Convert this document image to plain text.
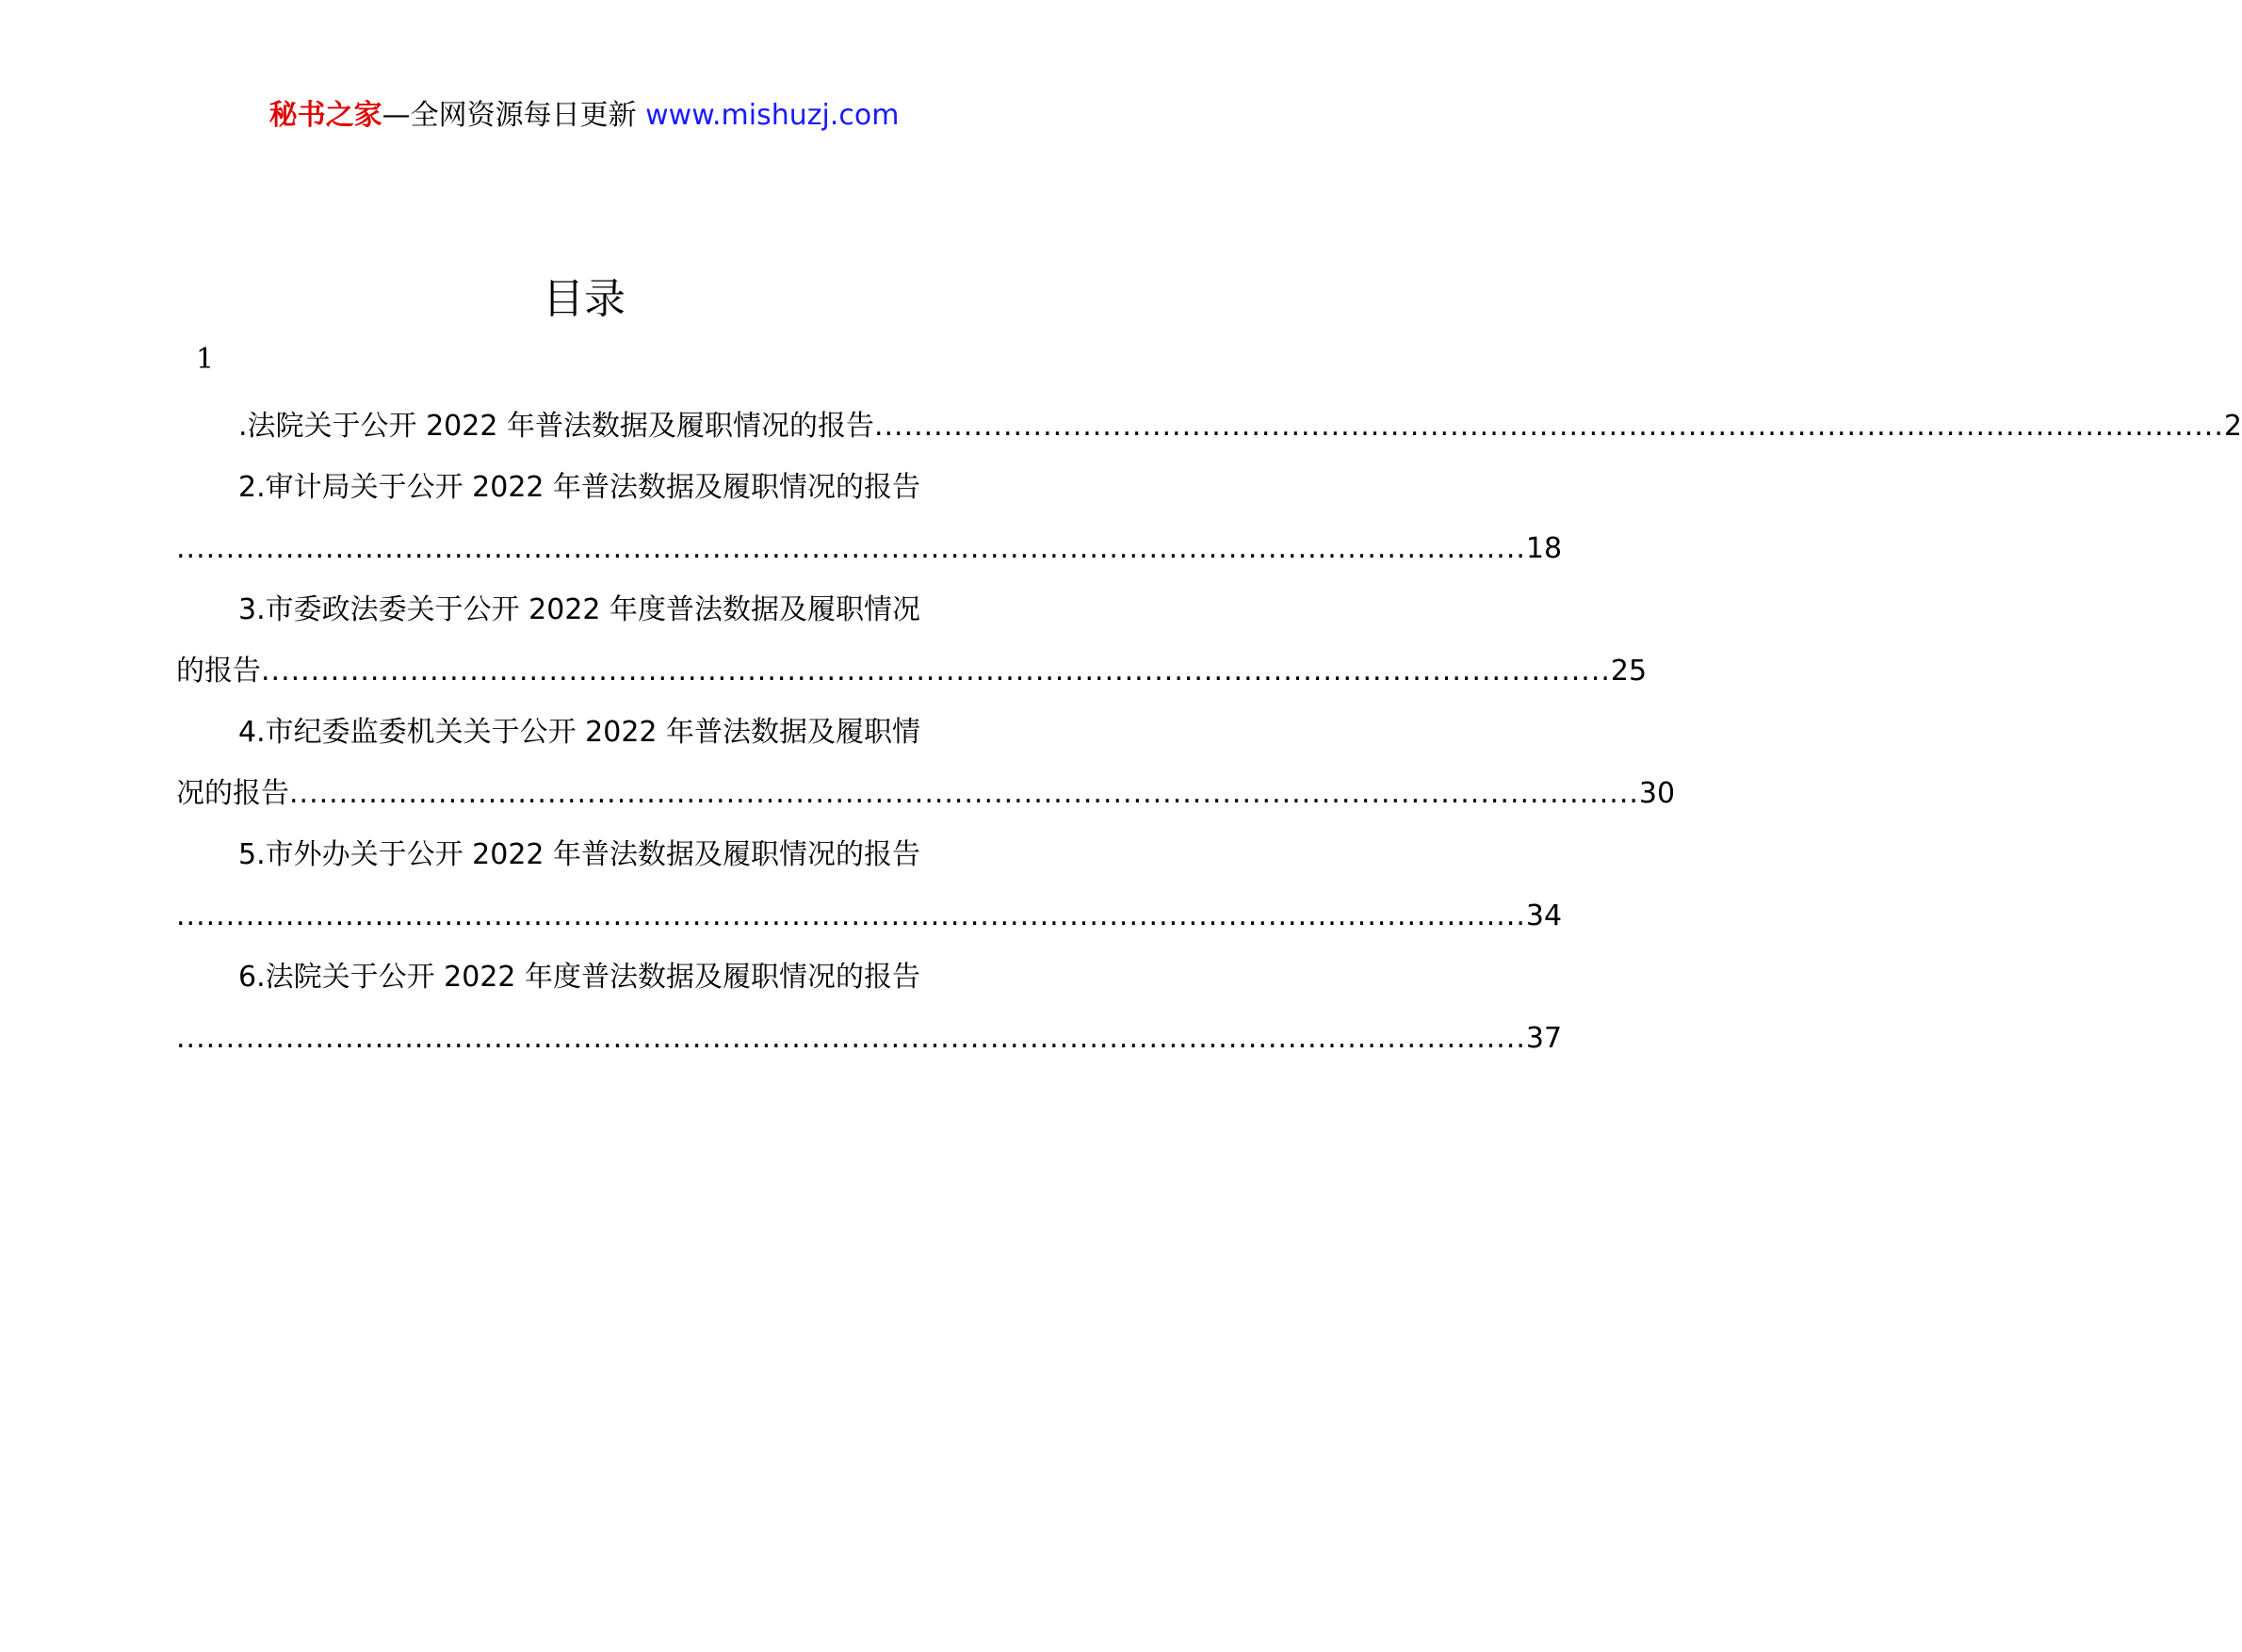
秘书之家—全网资源每日更新 www.mishuzj.com
目录
1
.法院关于公开 2022 年普法数据及履职情况的报告 ........................................................................................................................................ 2
2.审计局关于公开 2022 年普法数据及履职情况的报告
........................................................................................................................................ 18
3.市委政法委关于公开 2022 年度普法数据及履职情况
的报告 ........................................................................................................................................ 25
4.市纪委监委机关关于公开 2022 年普法数据及履职情
况的报告 ........................................................................................................................................ 30
5.市外办关于公开 2022 年普法数据及履职情况的报告
........................................................................................................................................ 34
6.法院关于公开 2022 年度普法数据及履职情况的报告
........................................................................................................................................ 37
